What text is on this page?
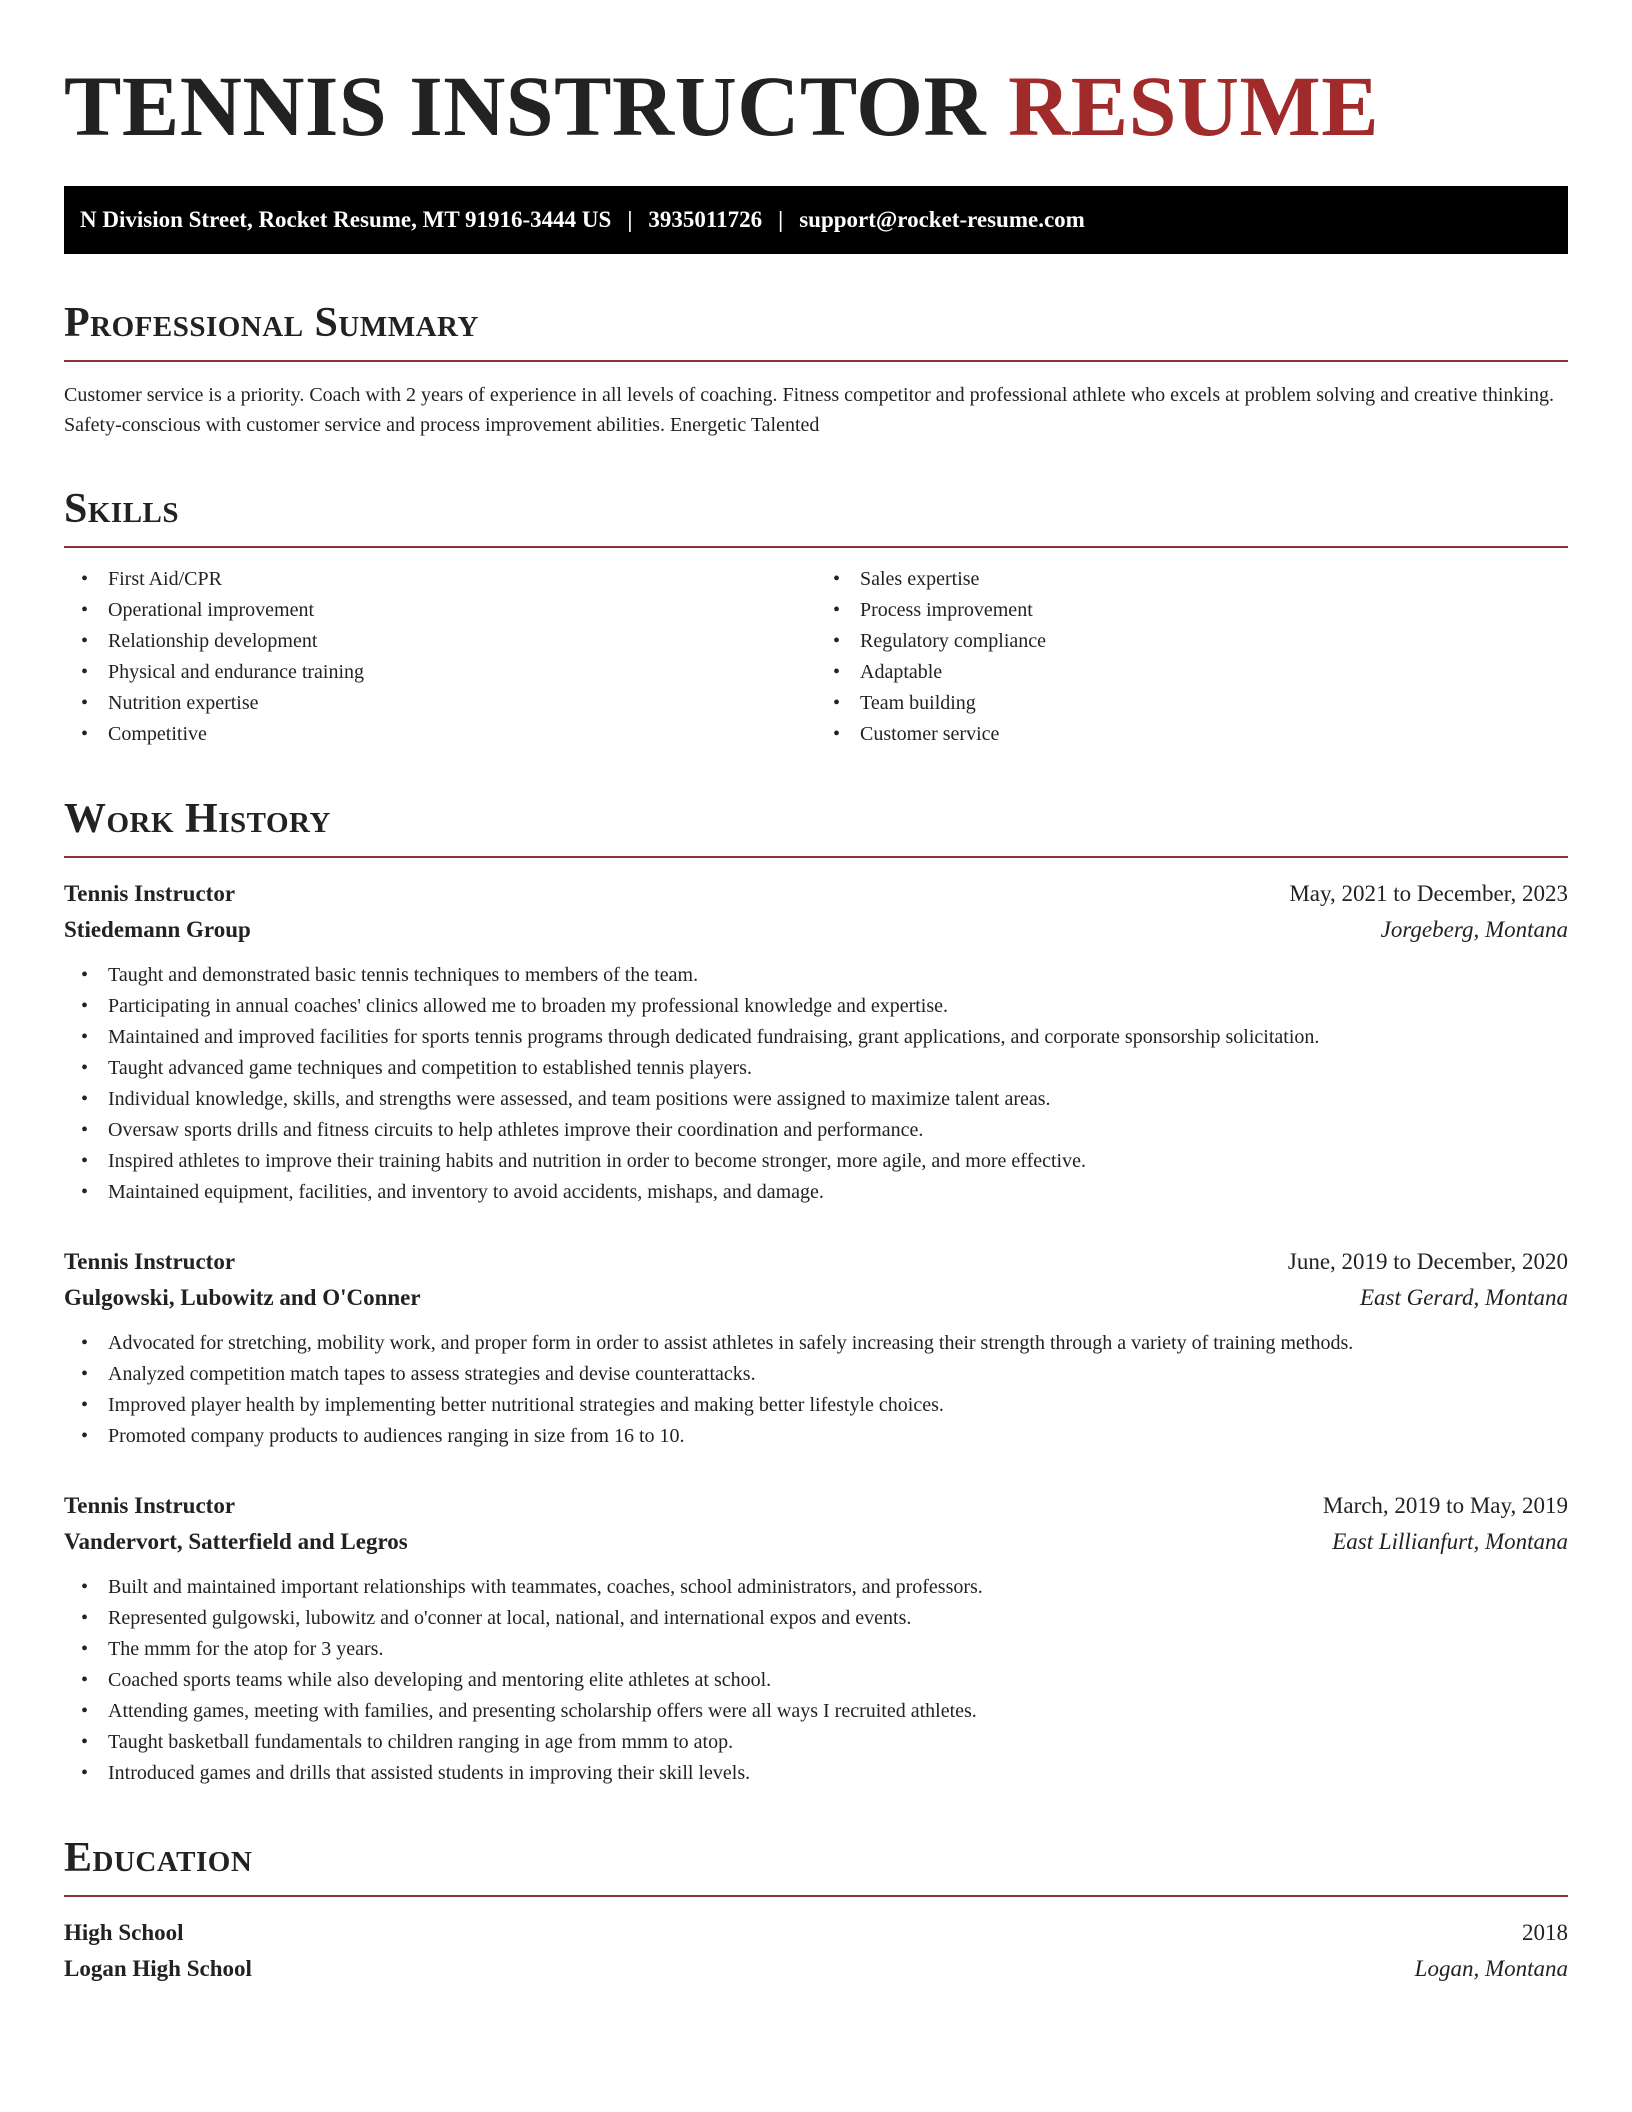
TENNIS INSTRUCTOR RESUME
N Division Street, Rocket Resume, MT 91916-3444 US | 3935011726 | support@rocket-resume.com
Professional Summary

Customer service is a priority. Coach with 2 years of experience in all levels of coaching. Fitness competitor and professional athlete who excels at problem solving and creative thinking. Safety-conscious with customer service and process improvement abilities. Energetic Talented

Skills
• First Aid/CPR
• Operational improvement
• Relationship development
• Physical and endurance training
• Nutrition expertise
• Competitive
• Sales expertise
• Process improvement
• Regulatory compliance
• Adaptable
• Team building
• Customer service
Work History
Tennis Instructor	May, 2021 to December, 2023
Stiedemann Group	Jorgeberg, Montana
• Taught and demonstrated basic tennis techniques to members of the team.
• Participating in annual coaches' clinics allowed me to broaden my professional knowledge and expertise.
• Maintained and improved facilities for sports tennis programs through dedicated fundraising, grant applications, and corporate sponsorship solicitation.
• Taught advanced game techniques and competition to established tennis players.
• Individual knowledge, skills, and strengths were assessed, and team positions were assigned to maximize talent areas.
• Oversaw sports drills and fitness circuits to help athletes improve their coordination and performance.
• Inspired athletes to improve their training habits and nutrition in order to become stronger, more agile, and more effective.
• Maintained equipment, facilities, and inventory to avoid accidents, mishaps, and damage.
Tennis Instructor	June, 2019 to December, 2020
Gulgowski, Lubowitz and O'Conner	East Gerard, Montana
• Advocated for stretching, mobility work, and proper form in order to assist athletes in safely increasing their strength through a variety of training methods.
• Analyzed competition match tapes to assess strategies and devise counterattacks.
• Improved player health by implementing better nutritional strategies and making better lifestyle choices.
• Promoted company products to audiences ranging in size from 16 to 10.
Tennis Instructor	March, 2019 to May, 2019
Vandervort, Satterfield and Legros	East Lillianfurt, Montana
• Built and maintained important relationships with teammates, coaches, school administrators, and professors.
• Represented gulgowski, lubowitz and o'conner at local, national, and international expos and events.
• The mmm for the atop for 3 years.
• Coached sports teams while also developing and mentoring elite athletes at school.
• Attending games, meeting with families, and presenting scholarship offers were all ways I recruited athletes.
• Taught basketball fundamentals to children ranging in age from mmm to atop.
• Introduced games and drills that assisted students in improving their skill levels.
Education
High School	2018
Logan High School	Logan, Montana
